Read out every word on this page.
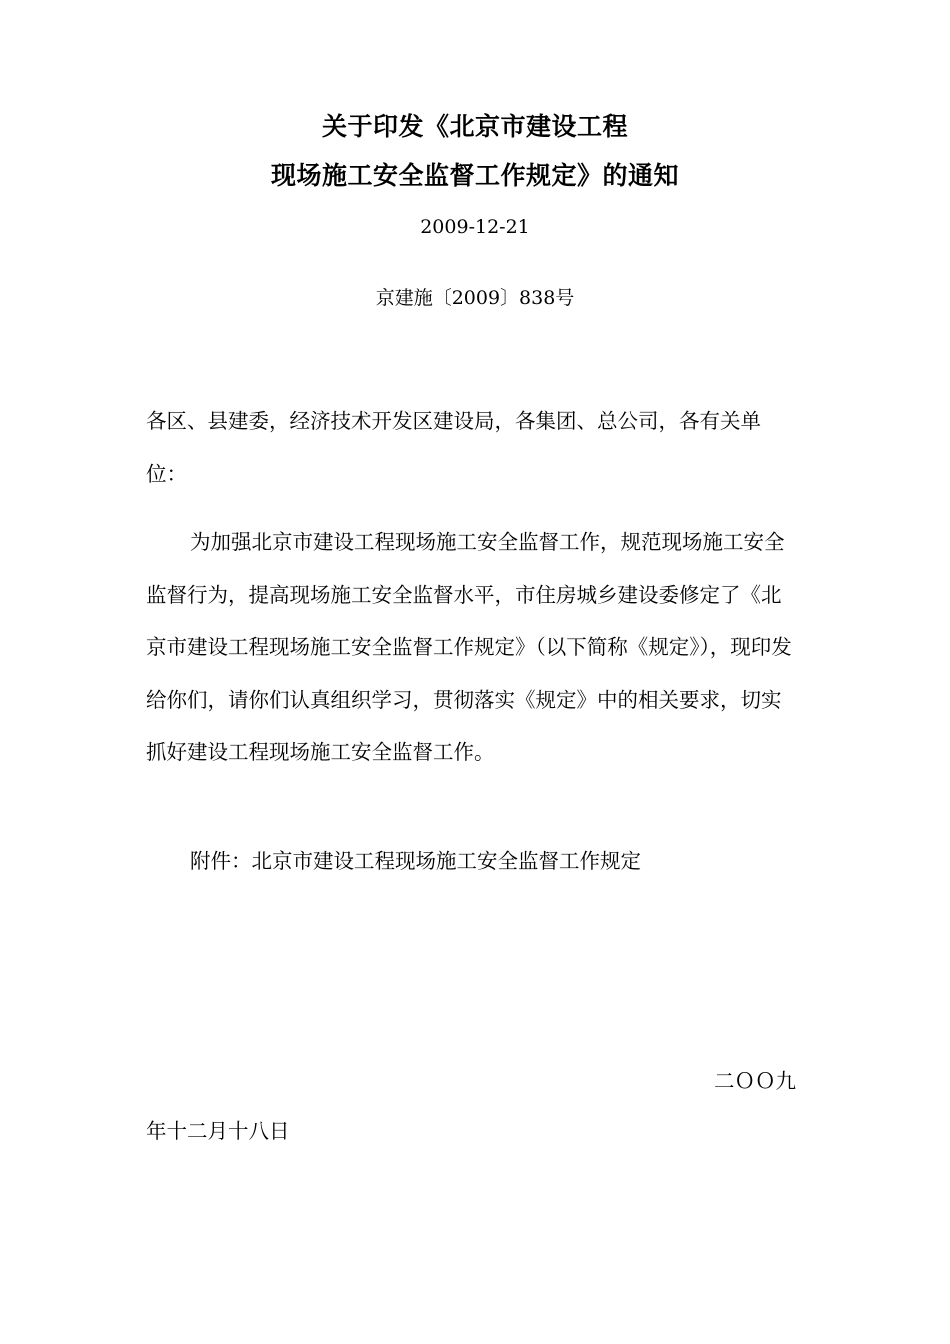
关于印发《北京市建设工程
现场施工安全监督工作规定》的通知
2009-12-21
京建施〔2009〕838号
各区、县建委，经济技术开发区建设局，各集团、总公司，各有关单位：
为加强北京市建设工程现场施工安全监督工作，规范现场施工安全监督行为，提高现场施工安全监督水平，市住房城乡建设委修定了《北京市建设工程现场施工安全监督工作规定》（以下简称《规定》），现印发给你们，请你们认真组织学习，贯彻落实《规定》中的相关要求，切实抓好建设工程现场施工安全监督工作。
附件：北京市建设工程现场施工安全监督工作规定
二ＯＯ九
年十二月十八日
